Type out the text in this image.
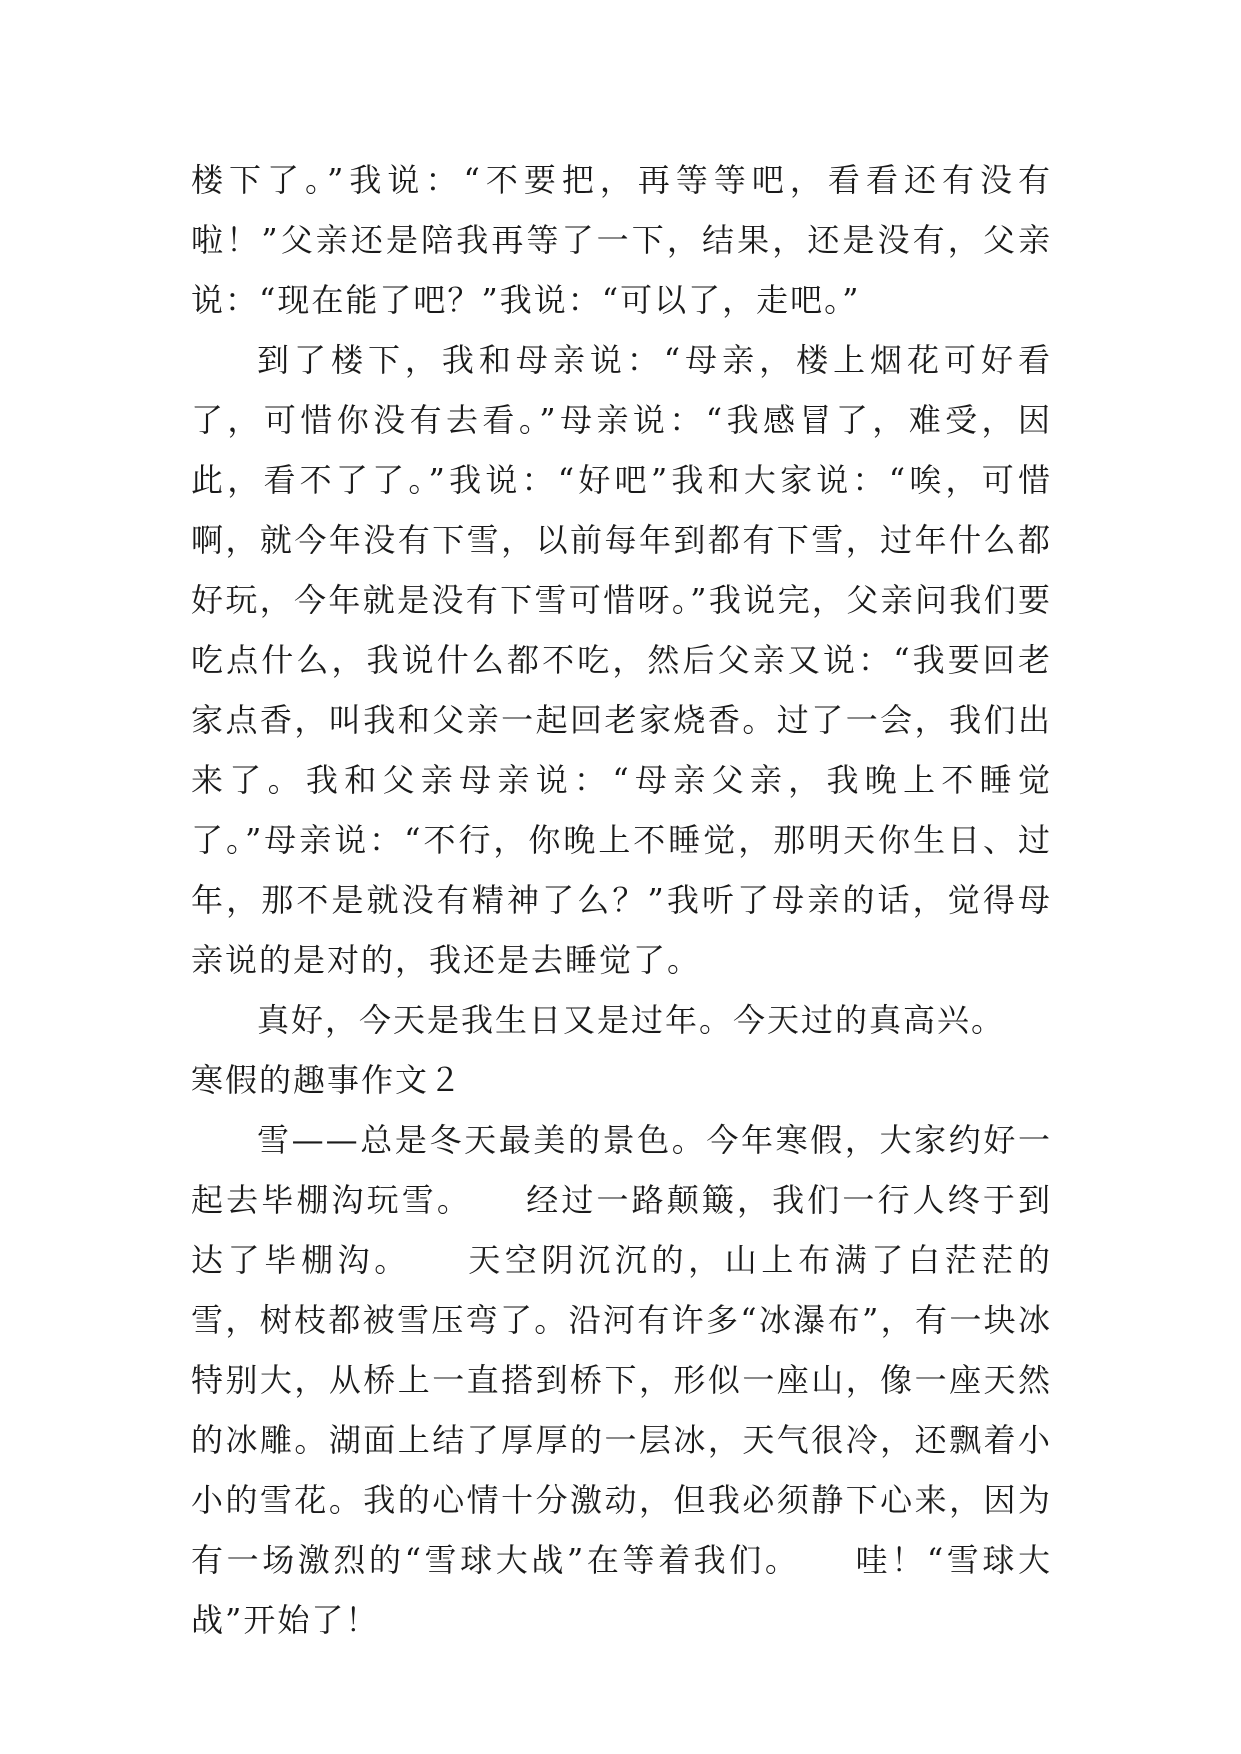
楼下了。”我说：“不要把，再等等吧，看看还有没有啦！”父亲还是陪我再等了一下，结果，还是没有，父亲说：“现在能了吧？”我说：“可以了，走吧。”

到了楼下，我和母亲说：“母亲，楼上烟花可好看了，可惜你没有去看。”母亲说：“我感冒了，难受，因此，看不了了。”我说：“好吧”我和大家说：“唉，可惜啊，就今年没有下雪，以前每年到都有下雪，过年什么都好玩，今年就是没有下雪可惜呀。”我说完，父亲问我们要吃点什么，我说什么都不吃，然后父亲又说：“我要回老家点香，叫我和父亲一起回老家烧香。过了一会，我们出来了。我和父亲母亲说：“母亲父亲，我晚上不睡觉了。”母亲说：“不行，你晚上不睡觉，那明天你生日、过年，那不是就没有精神了么？”我听了母亲的话，觉得母亲说的是对的，我还是去睡觉了。

真好，今天是我生日又是过年。今天过的真高兴。

寒假的趣事作文２

雪——总是冬天最美的景色。今年寒假，大家约好一起去毕棚沟玩雪。　　经过一路颠簸，我们一行人终于到达了毕棚沟。　　天空阴沉沉的，山上布满了白茫茫的雪，树枝都被雪压弯了。沿河有许多“冰瀑布”，有一块冰特别大，从桥上一直搭到桥下，形似一座山，像一座天然的冰雕。湖面上结了厚厚的一层冰，天气很冷，还飘着小小的雪花。我的心情十分激动，但我必须静下心来，因为有一场激烈的“雪球大战”在等着我们。　　哇！“雪球大战”开始了！
